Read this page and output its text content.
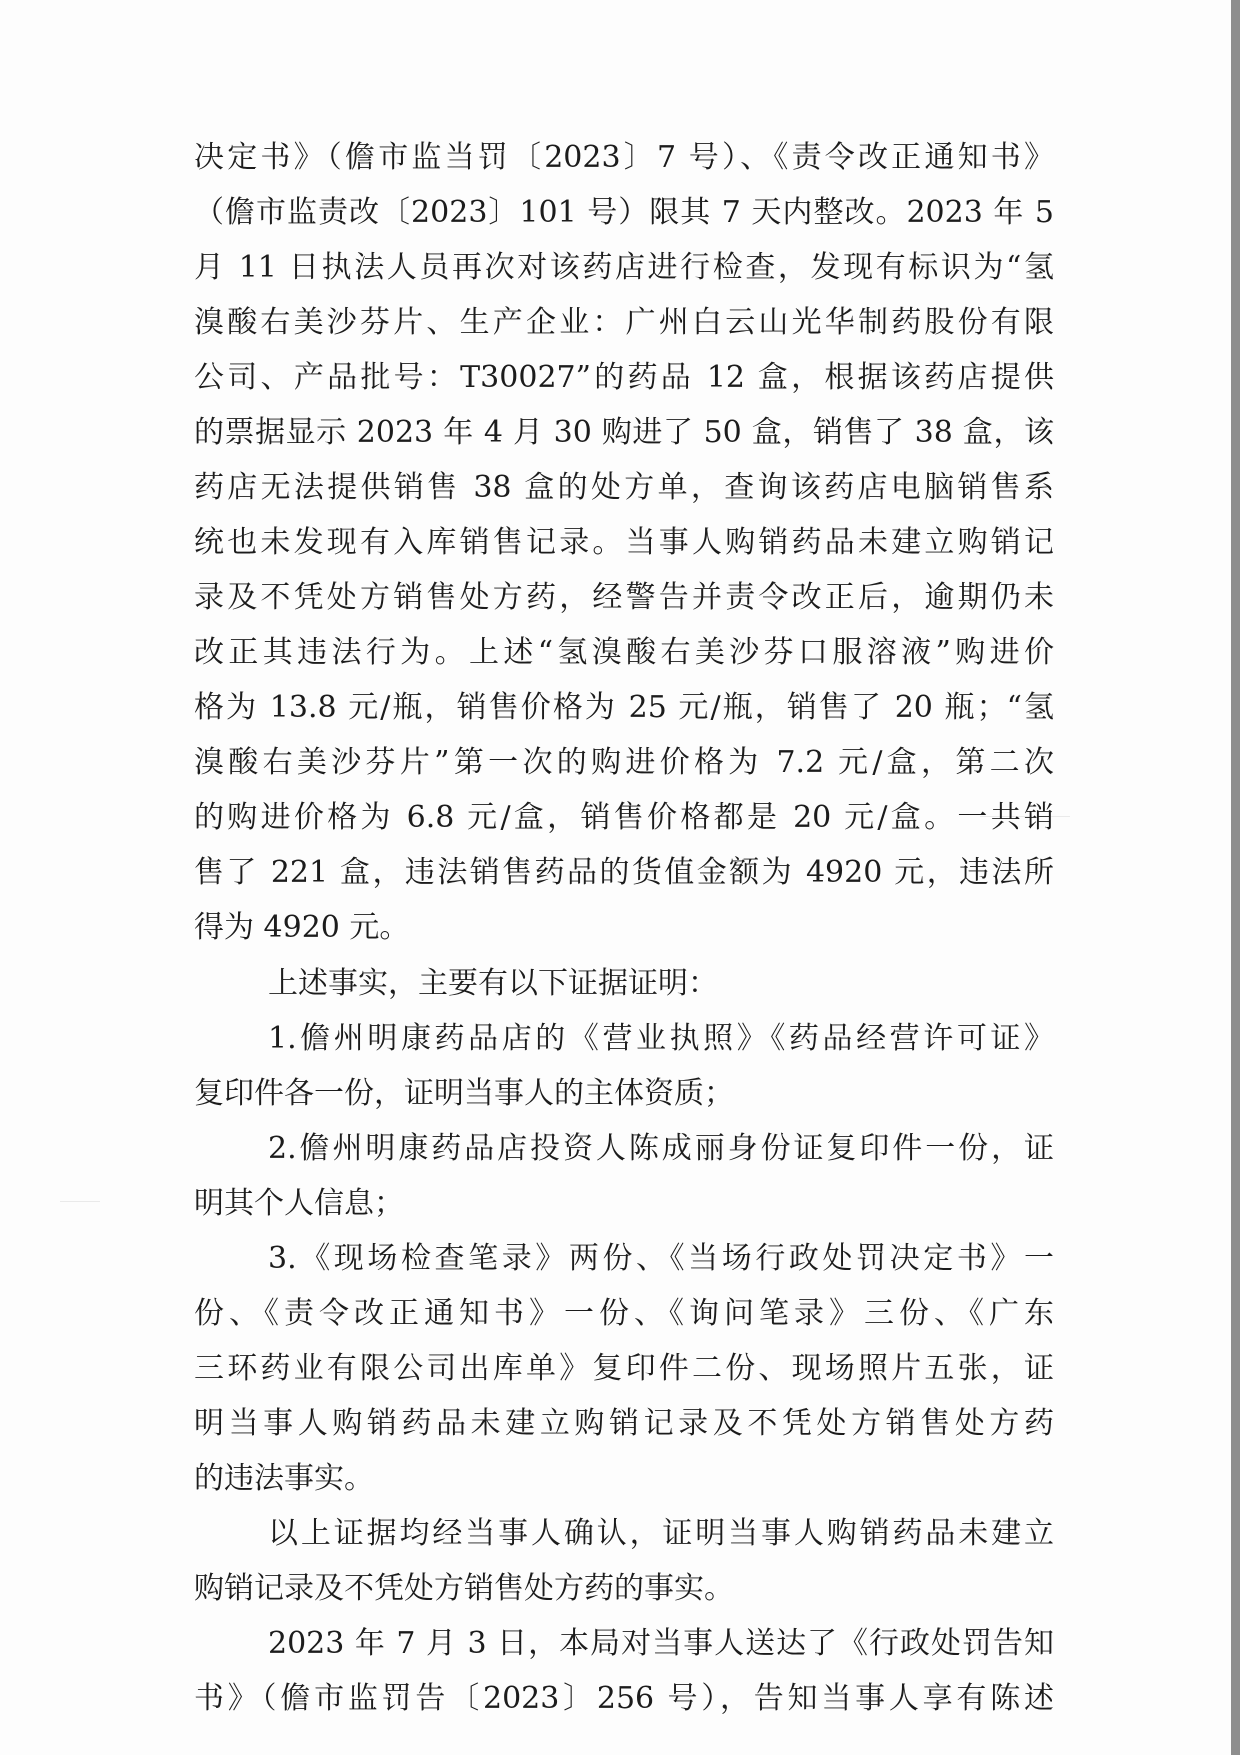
决定书》（儋市监当罚〔2023〕7 号）、《责令改正通知书》

（儋市监责改〔2023〕101 号）限其 7 天内整改。2023 年 5

月 11 日执法人员再次对该药店进行检查，发现有标识为“氢

溴酸右美沙芬片、生产企业：广州白云山光华制药股份有限

公司、产品批号：T30027”的药品 12 盒，根据该药店提供

的票据显示 2023 年 4 月 30 购进了 50 盒，销售了 38 盒，该

药店无法提供销售 38 盒的处方单，查询该药店电脑销售系

统也未发现有入库销售记录。当事人购销药品未建立购销记

录及不凭处方销售处方药，经警告并责令改正后，逾期仍未

改正其违法行为。上述“氢溴酸右美沙芬口服溶液”购进价

格为 13.8 元/瓶，销售价格为 25 元/瓶，销售了 20 瓶；“氢

溴酸右美沙芬片”第一次的购进价格为 7.2 元/盒，第二次

的购进价格为 6.8 元/盒，销售价格都是 20 元/盒。一共销

售了 221 盒，违法销售药品的货值金额为 4920 元，违法所

得为 4920 元。

上述事实，主要有以下证据证明：

1.儋州明康药品店的《营业执照》《药品经营许可证》

复印件各一份，证明当事人的主体资质；

2.儋州明康药品店投资人陈成丽身份证复印件一份，证

明其个人信息；

3.《现场检查笔录》两份、《当场行政处罚决定书》一

份、《责令改正通知书》一份、《询问笔录》三份、《广东

三环药业有限公司出库单》复印件二份、现场照片五张，证

明当事人购销药品未建立购销记录及不凭处方销售处方药

的违法事实。

以上证据均经当事人确认，证明当事人购销药品未建立

购销记录及不凭处方销售处方药的事实。

2023 年 7 月 3 日，本局对当事人送达了《行政处罚告知

书》（儋市监罚告〔2023〕256 号），告知当事人享有陈述
